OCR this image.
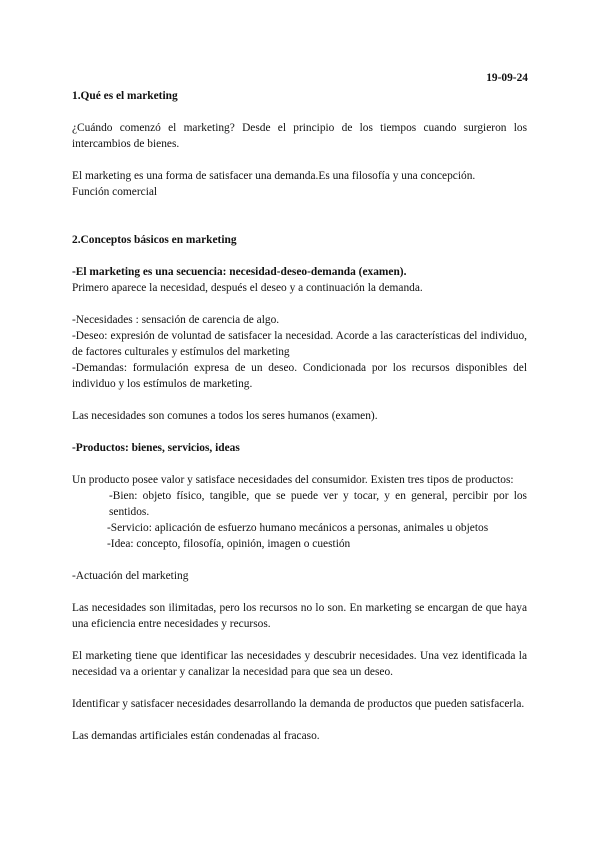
19-09-24

1.Qué es el marketing

¿Cuándo comenzó el marketing? Desde el principio de los tiempos cuando surgieron los intercambios de bienes.

El marketing es una forma de satisfacer una demanda.Es una filosofía y una concepción.

Función comercial

2.Conceptos básicos en marketing

-El marketing es una secuencia: necesidad-deseo-demanda (examen).

Primero aparece la necesidad, después el deseo y a continuación la demanda.

-Necesidades : sensación de carencia de algo.

-Deseo: expresión de voluntad de satisfacer la necesidad. Acorde a las características del individuo, de factores culturales y estímulos del marketing

-Demandas: formulación expresa de un deseo. Condicionada por los recursos disponibles del individuo y los estímulos de marketing.

Las necesidades son comunes a todos los seres humanos (examen).

-Productos: bienes, servicios, ideas

Un producto posee valor y satisface necesidades del consumidor. Existen tres tipos de productos:

-Bien: objeto físico, tangible, que se puede ver y tocar, y en general, percibir por los sentidos.

-Servicio: aplicación de esfuerzo humano mecánicos a personas, animales u objetos

-Idea: concepto, filosofía, opinión, imagen o cuestión

-Actuación del marketing

Las necesidades son ilimitadas, pero los recursos no lo son. En marketing se encargan de que haya una eficiencia entre necesidades y recursos.

El marketing tiene que identificar las necesidades y descubrir necesidades. Una vez identificada la necesidad va a orientar y canalizar la necesidad para que sea un deseo.

Identificar y satisfacer necesidades desarrollando la demanda de productos que pueden satisfacerla.

Las demandas artificiales están condenadas al fracaso.
